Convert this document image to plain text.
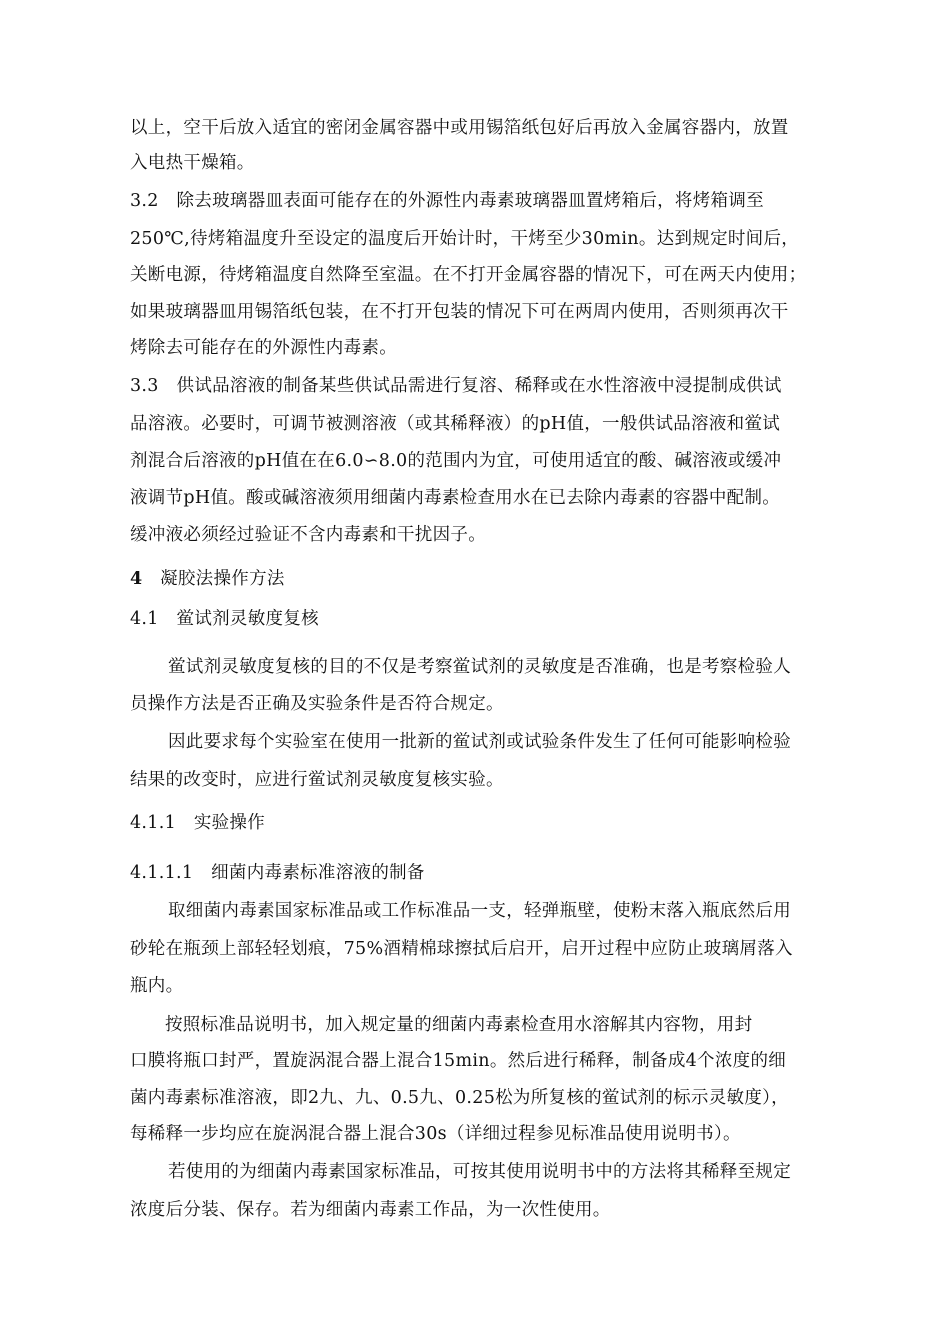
以上，空干后放入适宜的密闭金属容器中或用锡箔纸包好后再放入金属容器内，放置
入电热干燥箱。
3.2　除去玻璃器皿表面可能存在的外源性内毒素玻璃器皿置烤箱后，将烤箱调至
250℃,待烤箱温度升至设定的温度后开始计时，干烤至少30min。达到规定时间后，
关断电源，待烤箱温度自然降至室温。在不打开金属容器的情况下，可在两天内使用；
如果玻璃器皿用锡箔纸包装，在不打开包装的情况下可在两周内使用，否则须再次干
烤除去可能存在的外源性内毒素。
3.3　供试品溶液的制备某些供试品需进行复溶、稀释或在水性溶液中浸提制成供试
品溶液。必要时，可调节被测溶液（或其稀释液）的pH值，一般供试品溶液和鲎试
剂混合后溶液的pH值在在6.0∽8.0的范围内为宜，可使用适宜的酸、碱溶液或缓冲
液调节pH值。酸或碱溶液须用细菌内毒素检查用水在已去除内毒素的容器中配制。
缓冲液必须经过验证不含内毒素和干扰因子。
4 凝胶法操作方法
4.1　鲎试剂灵敏度复核
鲎试剂灵敏度复核的目的不仅是考察鲎试剂的灵敏度是否准确，也是考察检验人
员操作方法是否正确及实验条件是否符合规定。
因此要求每个实验室在使用一批新的鲎试剂或试验条件发生了任何可能影响检验
结果的改变时，应进行鲎试剂灵敏度复核实验。
4.1.1　实验操作
4.1.1.1　细菌内毒素标准溶液的制备
取细菌内毒素国家标准品或工作标准品一支，轻弹瓶壁，使粉末落入瓶底然后用
砂轮在瓶颈上部轻轻划痕，75%酒精棉球擦拭后启开，启开过程中应防止玻璃屑落入
瓶内。
按照标准品说明书，加入规定量的细菌内毒素检查用水溶解其内容物，用封
口膜将瓶口封严，置旋涡混合器上混合15min。然后进行稀释，制备成4个浓度的细
菌内毒素标准溶液，即2九、九、0.5九、0.25松为所复核的鲎试剂的标示灵敏度），
每稀释一步均应在旋涡混合器上混合30s（详细过程参见标准品使用说明书）。
若使用的为细菌内毒素国家标准品，可按其使用说明书中的方法将其稀释至规定
浓度后分装、保存。若为细菌内毒素工作品，为一次性使用。
